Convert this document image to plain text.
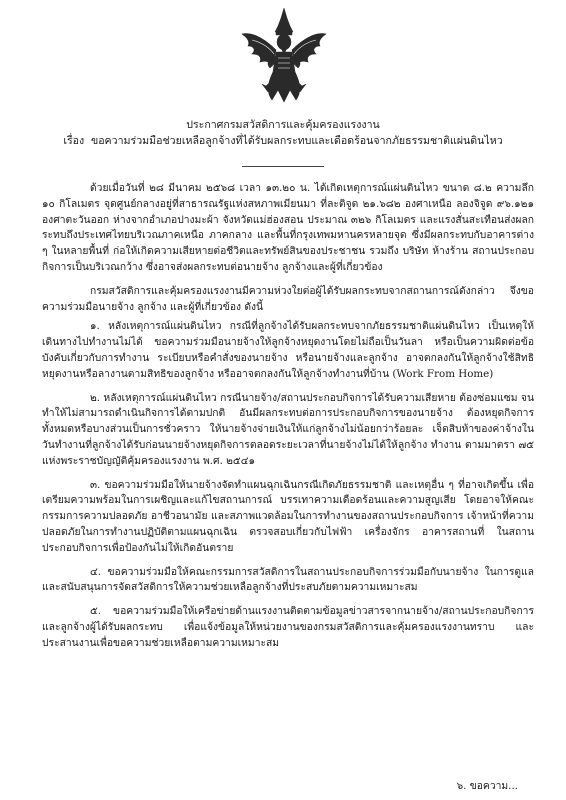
ประกาศกรมสวัสดิการและคุ้มครองแรงงาน
เรื่อง ขอความร่วมมือช่วยเหลือลูกจ้างที่ได้รับผลกระทบและเดือดร้อนจากภัยธรรมชาติแผ่นดินไหว

ด้วยเมื่อวันที่ ๒๘ มีนาคม ๒๕๖๘ เวลา ๑๓.๒๐ น. ได้เกิดเหตุการณ์แผ่นดินไหว ขนาด ๘.๒ ความลึก ๑๐ กิโลเมตร จุดศูนย์กลางอยู่ที่สาธารณรัฐแห่งสหภาพเมียนมา ที่ละติจูด ๒๑.๖๘๒ องศาเหนือ ลองจิจูด ๙๖.๑๒๑ องศาตะวันออก ห่างจากอำเภอปางมะผ้า จังหวัดแม่ฮ่องสอน ประมาณ ๓๒๖ กิโลเมตร และแรงสั่นสะเทือนส่งผลกระทบถึงประเทศไทยบริเวณภาคเหนือ ภาคกลาง และพื้นที่กรุงเทพมหานครหลายจุด ซึ่งมีผลกระทบกับอาคารต่าง ๆ ในหลายพื้นที่ ก่อให้เกิดความเสียหายต่อชีวิตและทรัพย์สินของประชาชน รวมถึง บริษัท ห้างร้าน สถานประกอบกิจการเป็นบริเวณกว้าง ซึ่งอาจส่งผลกระทบต่อนายจ้าง ลูกจ้างและผู้ที่เกี่ยวข้อง

กรมสวัสดิการและคุ้มครองแรงงานมีความห่วงใยต่อผู้ได้รับผลกระทบจากสถานการณ์ดังกล่าว จึงขอความร่วมมือนายจ้าง ลูกจ้าง และผู้ที่เกี่ยวข้อง ดังนี้

๑. หลังเหตุการณ์แผ่นดินไหว กรณีที่ลูกจ้างได้รับผลกระทบจากภัยธรรมชาติแผ่นดินไหว เป็นเหตุให้เดินทางไปทำงานไม่ได้ ขอความร่วมมือนายจ้างให้ลูกจ้างหยุดงานโดยไม่ถือเป็นวันลา หรือเป็นความผิดต่อข้อบังคับเกี่ยวกับการทำงาน ระเบียบหรือคำสั่งของนายจ้าง หรือนายจ้างและลูกจ้าง อาจตกลงกันให้ลูกจ้างใช้สิทธิหยุดงานหรือลางานตามสิทธิของลูกจ้าง หรืออาจตกลงกันให้ลูกจ้างทำงานที่บ้าน (Work From Home)

๒. หลังเหตุการณ์แผ่นดินไหว กรณีนายจ้าง/สถานประกอบกิจการได้รับความเสียหาย ต้องซ่อมแซม จนทำให้ไม่สามารถดำเนินกิจการได้ตามปกติ อันมีผลกระทบต่อการประกอบกิจการของนายจ้าง ต้องหยุดกิจการทั้งหมดหรือบางส่วนเป็นการชั่วคราว ให้นายจ้างจ่ายเงินให้แก่ลูกจ้างไม่น้อยกว่าร้อยละ เจ็ดสิบห้าของค่าจ้างในวันทำงานที่ลูกจ้างได้รับก่อนนายจ้างหยุดกิจการตลอดระยะเวลาที่นายจ้างไม่ได้ให้ลูกจ้าง ทำงาน ตามมาตรา ๗๕ แห่งพระราชบัญญัติคุ้มครองแรงงาน พ.ศ. ๒๕๔๑

๓. ขอความร่วมมือให้นายจ้างจัดทำแผนฉุกเฉินกรณีเกิดภัยธรรมชาติ และเหตุอื่น ๆ ที่อาจเกิดขึ้น เพื่อเตรียมความพร้อมในการเผชิญและแก้ไขสถานการณ์ บรรเทาความเดือดร้อนและความสูญเสีย โดยอาจให้คณะกรรมการความปลอดภัย อาชีวอนามัย และสภาพแวดล้อมในการทำงานของสถานประกอบกิจการ เจ้าหน้าที่ความปลอดภัยในการทำงานปฏิบัติตามแผนฉุกเฉิน ตรวจสอบเกี่ยวกับไฟฟ้า เครื่องจักร อาคารสถานที่ ในสถานประกอบกิจการเพื่อป้องกันไม่ให้เกิดอันตราย

๔. ขอความร่วมมือให้คณะกรรมการสวัสดิการในสถานประกอบกิจการร่วมมือกับนายจ้าง ในการดูแลและสนับสนุนการจัดสวัสดิการให้ความช่วยเหลือลูกจ้างที่ประสบภัยตามความเหมาะสม

๕. ขอความร่วมมือให้เครือข่ายด้านแรงงานติดตามข้อมูลข่าวสารจากนายจ้าง/สถานประกอบกิจการ และลูกจ้างผู้ได้รับผลกระทบ เพื่อแจ้งข้อมูลให้หน่วยงานของกรมสวัสดิการและคุ้มครองแรงงานทราบ และประสานงานเพื่อขอความช่วยเหลือตามความเหมาะสม

๖. ขอความ...
